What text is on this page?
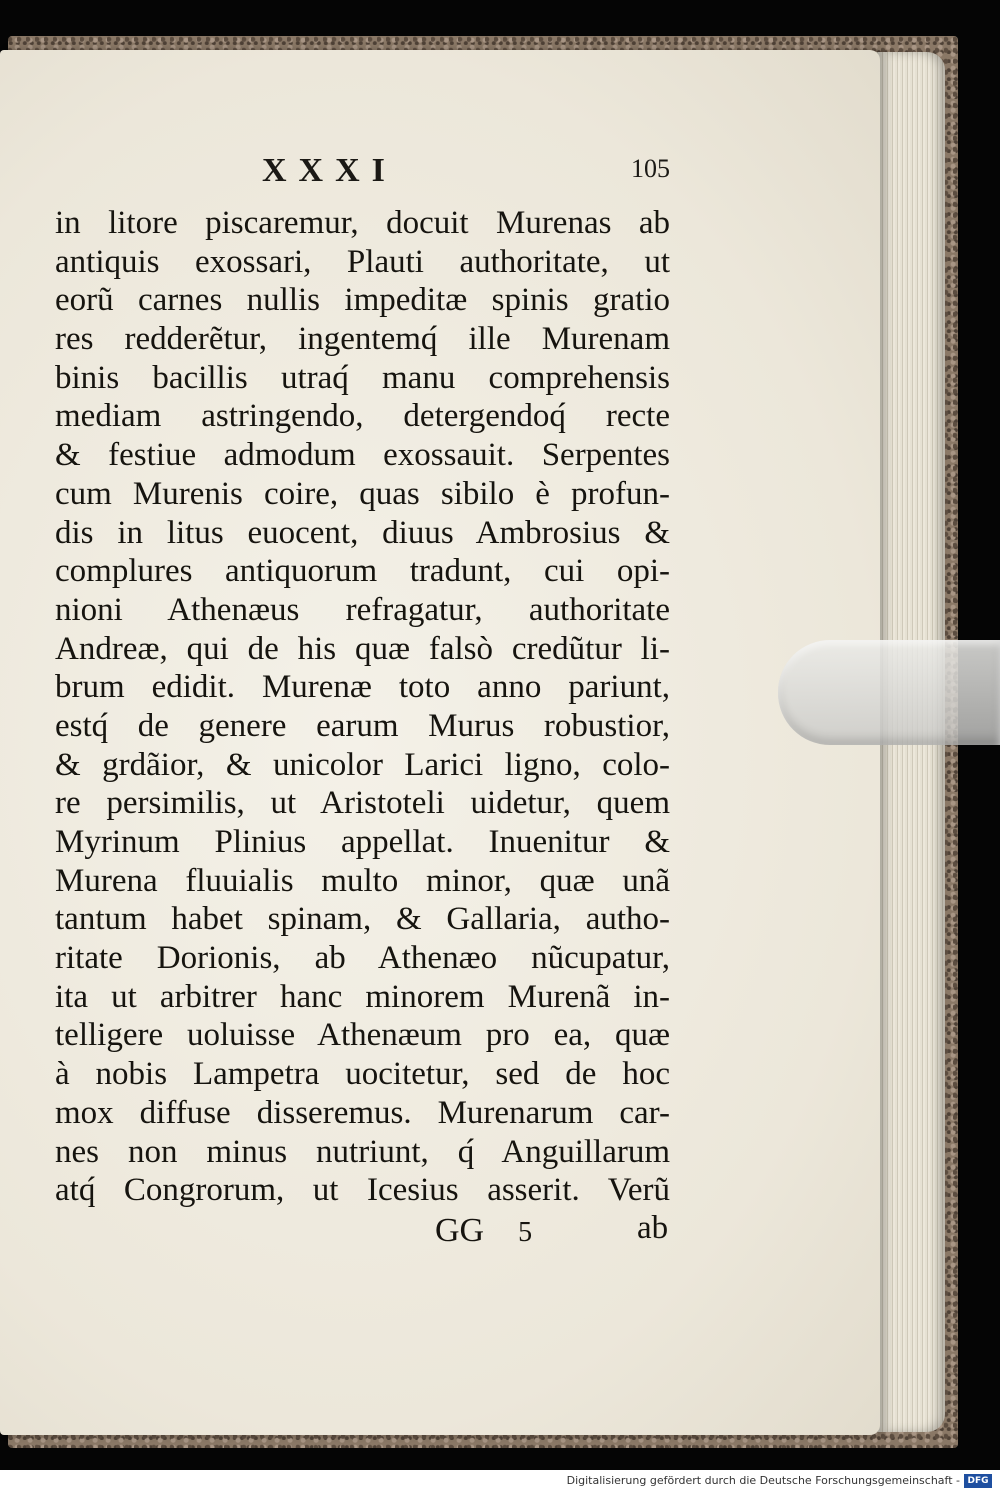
XXXI	105
in litore piscaremur, docuit Murenas ab
antiquis exossari, Plauti authoritate, ut
eorũ carnes nullis impeditæ spinis gratio
res redderẽtur, ingentemq́ ille Murenam
binis bacillis utraq́ manu comprehensis
mediam astringendo, detergendoq́ recte
& festiue admodum exossauit. Serpentes
cum Murenis coire, quas sibilo è profun-
dis in litus euocent, diuus Ambrosius &
complures antiquorum tradunt, cui opi-
nioni Athenæus refragatur, authoritate
Andreæ, qui de his quæ falsò credũtur li-
brum edidit. Murenæ toto anno pariunt,
estq́ de genere earum Murus robustior,
& grdãior, & unicolor Larici ligno, colo-
re persimilis, ut Aristoteli uidetur, quem
Myrinum Plinius appellat. Inuenitur &
Murena fluuialis multo minor, quæ unã
tantum habet spinam, & Gallaria, autho-
ritate Dorionis, ab Athenæo nũcupatur,
ita ut arbitrer hanc minorem Murenã in-
telligere uoluisse Athenæum pro ea, quæ
à nobis Lampetra uocitetur, sed de hoc
mox diffuse disseremus. Murenarum car-
nes non minus nutriunt, q́ Anguillarum
atq́ Congrorum, ut Icesius asserit. Verũ
GG 5	ab
Digitalisierung gefördert durch die Deutsche Forschungsgemeinschaft - DFG
